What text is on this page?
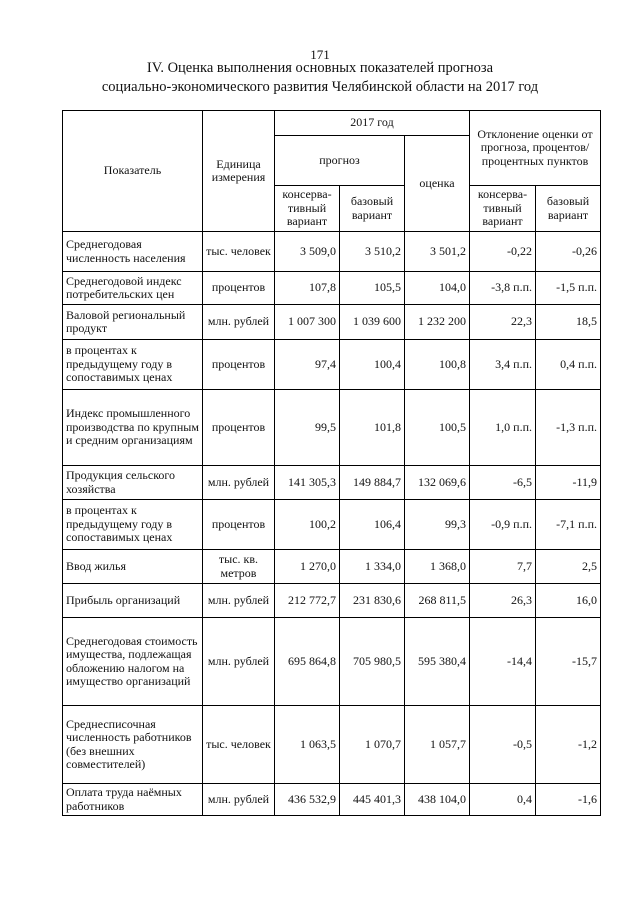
171
IV. Оценка выполнения основных показателей прогноза
социально-экономического развития Челябинской области на 2017 год
Показатель	Единица измерения	2017 год			Отклонение оценки от прогноза, процентов/ процентных пунктов	
		прогноз		оценка		
		консерва-тивный вариант	базовый вариант		консерва-тивный вариант	базовый вариант
Среднегодовая численность населения	тыс. человек	3 509,0	3 510,2	3 501,2	-0,22	-0,26
Среднегодовой индекс потребительских цен	процентов	107,8	105,5	104,0	-3,8 п.п.	-1,5 п.п.
Валовой региональный продукт	млн. рублей	1 007 300	1 039 600	1 232 200	22,3	18,5
в процентах к предыдущему году в сопоставимых ценах	процентов	97,4	100,4	100,8	3,4 п.п.	0,4 п.п.
Индекс промышленного производства по крупным и средним организациям	процентов	99,5	101,8	100,5	1,0 п.п.	-1,3 п.п.
Продукция сельского хозяйства	млн. рублей	141 305,3	149 884,7	132 069,6	-6,5	-11,9
в процентах к предыдущему году в сопоставимых ценах	процентов	100,2	106,4	99,3	-0,9 п.п.	-7,1 п.п.
Ввод жилья	тыс. кв. метров	1 270,0	1 334,0	1 368,0	7,7	2,5
Прибыль организаций	млн. рублей	212 772,7	231 830,6	268 811,5	26,3	16,0
Среднегодовая стоимость имущества, подлежащая обложению налогом на имущество организаций	млн. рублей	695 864,8	705 980,5	595 380,4	-14,4	-15,7
Среднесписочная численность работников (без внешних совместителей)	тыс. человек	1 063,5	1 070,7	1 057,7	-0,5	-1,2
Оплата труда наёмных работников	млн. рублей	436 532,9	445 401,3	438 104,0	0,4	-1,6
